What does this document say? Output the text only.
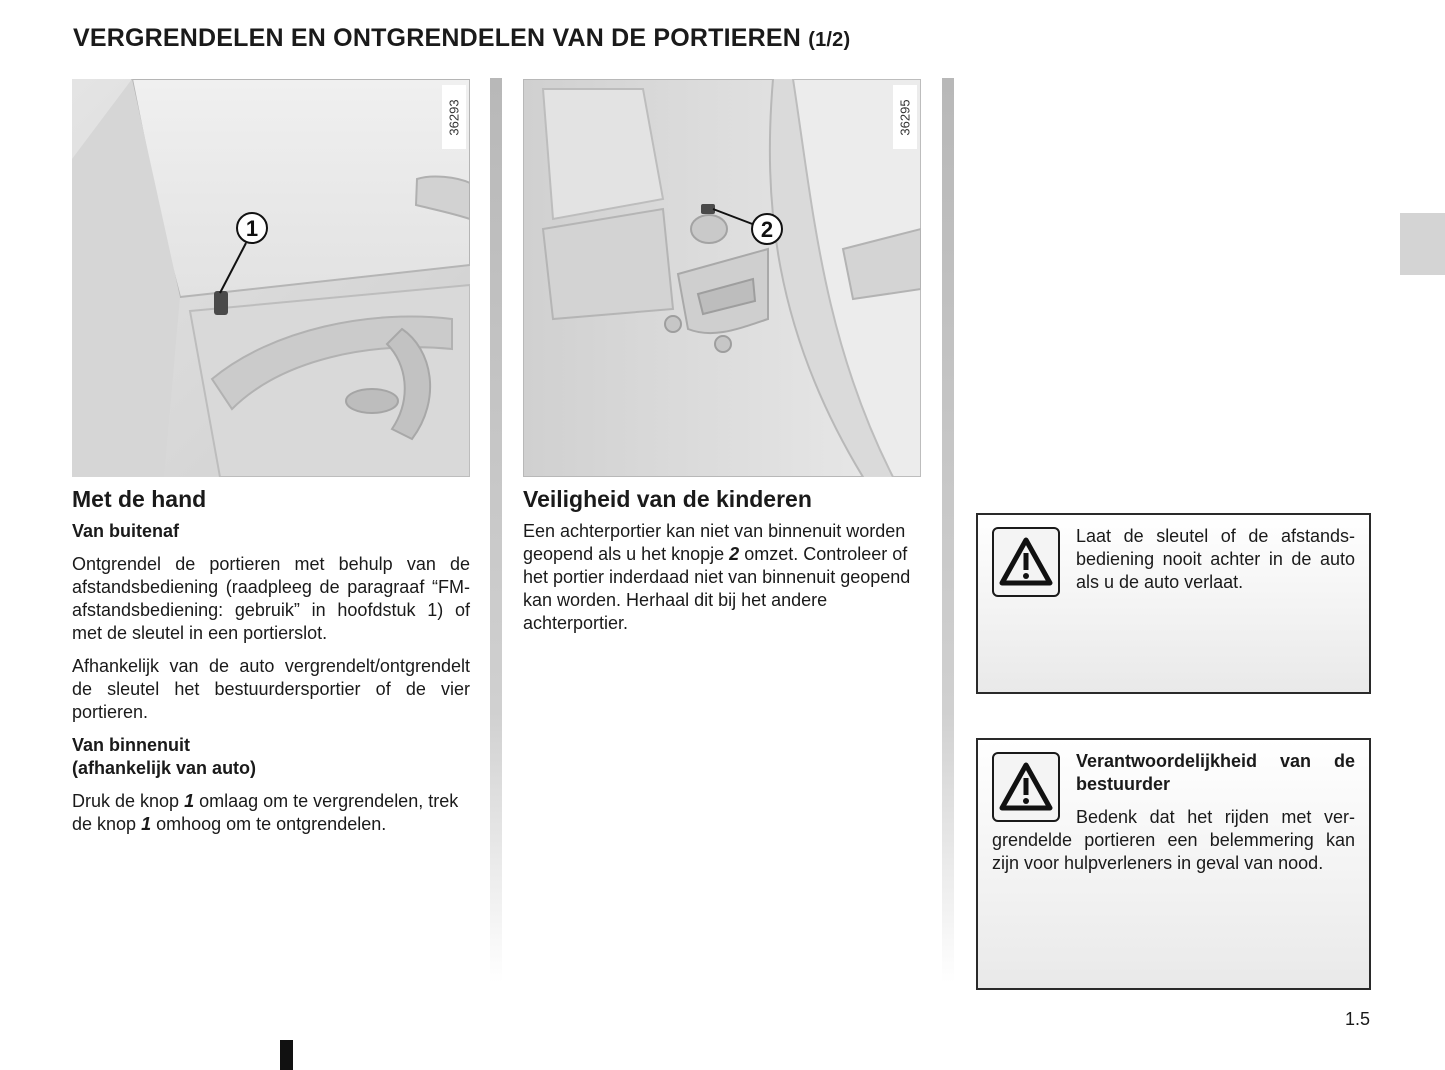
VERGRENDELEN EN ONTGRENDELEN VAN DE PORTIEREN (1/2)
1
36293
2
36295
Met de hand
Van buitenaf

Ontgrendel de portieren met behulp van de afstandsbediening (raadpleeg de paragraaf “FM-afstandsbediening: gebruik” in hoofdstuk 1) of met de sleutel in een portierslot.

Afhankelijk van de auto vergrendelt/ontgrendelt de sleutel het bestuurdersportier of de vier portieren.

Van binnenuit
(afhankelijk van auto)

Druk de knop 1 omlaag om te vergrendelen, trek de knop 1 omhoog om te ontgrendelen.

Veiligheid van de kinderen

Een achterportier kan niet van binnenuit worden geopend als u het knopje 2 omzet. Controleer of het portier inderdaad niet van binnenuit geopend kan worden. Herhaal dit bij het andere achterportier.

Laat de sleutel of de afstandsbediening nooit achter in de auto als u de auto verlaat.

Verantwoordelijkheid van de bestuurder

Bedenk dat het rijden met vergrendelde portieren een belemmering kan zijn voor hulpverleners in geval van nood.

1.5
